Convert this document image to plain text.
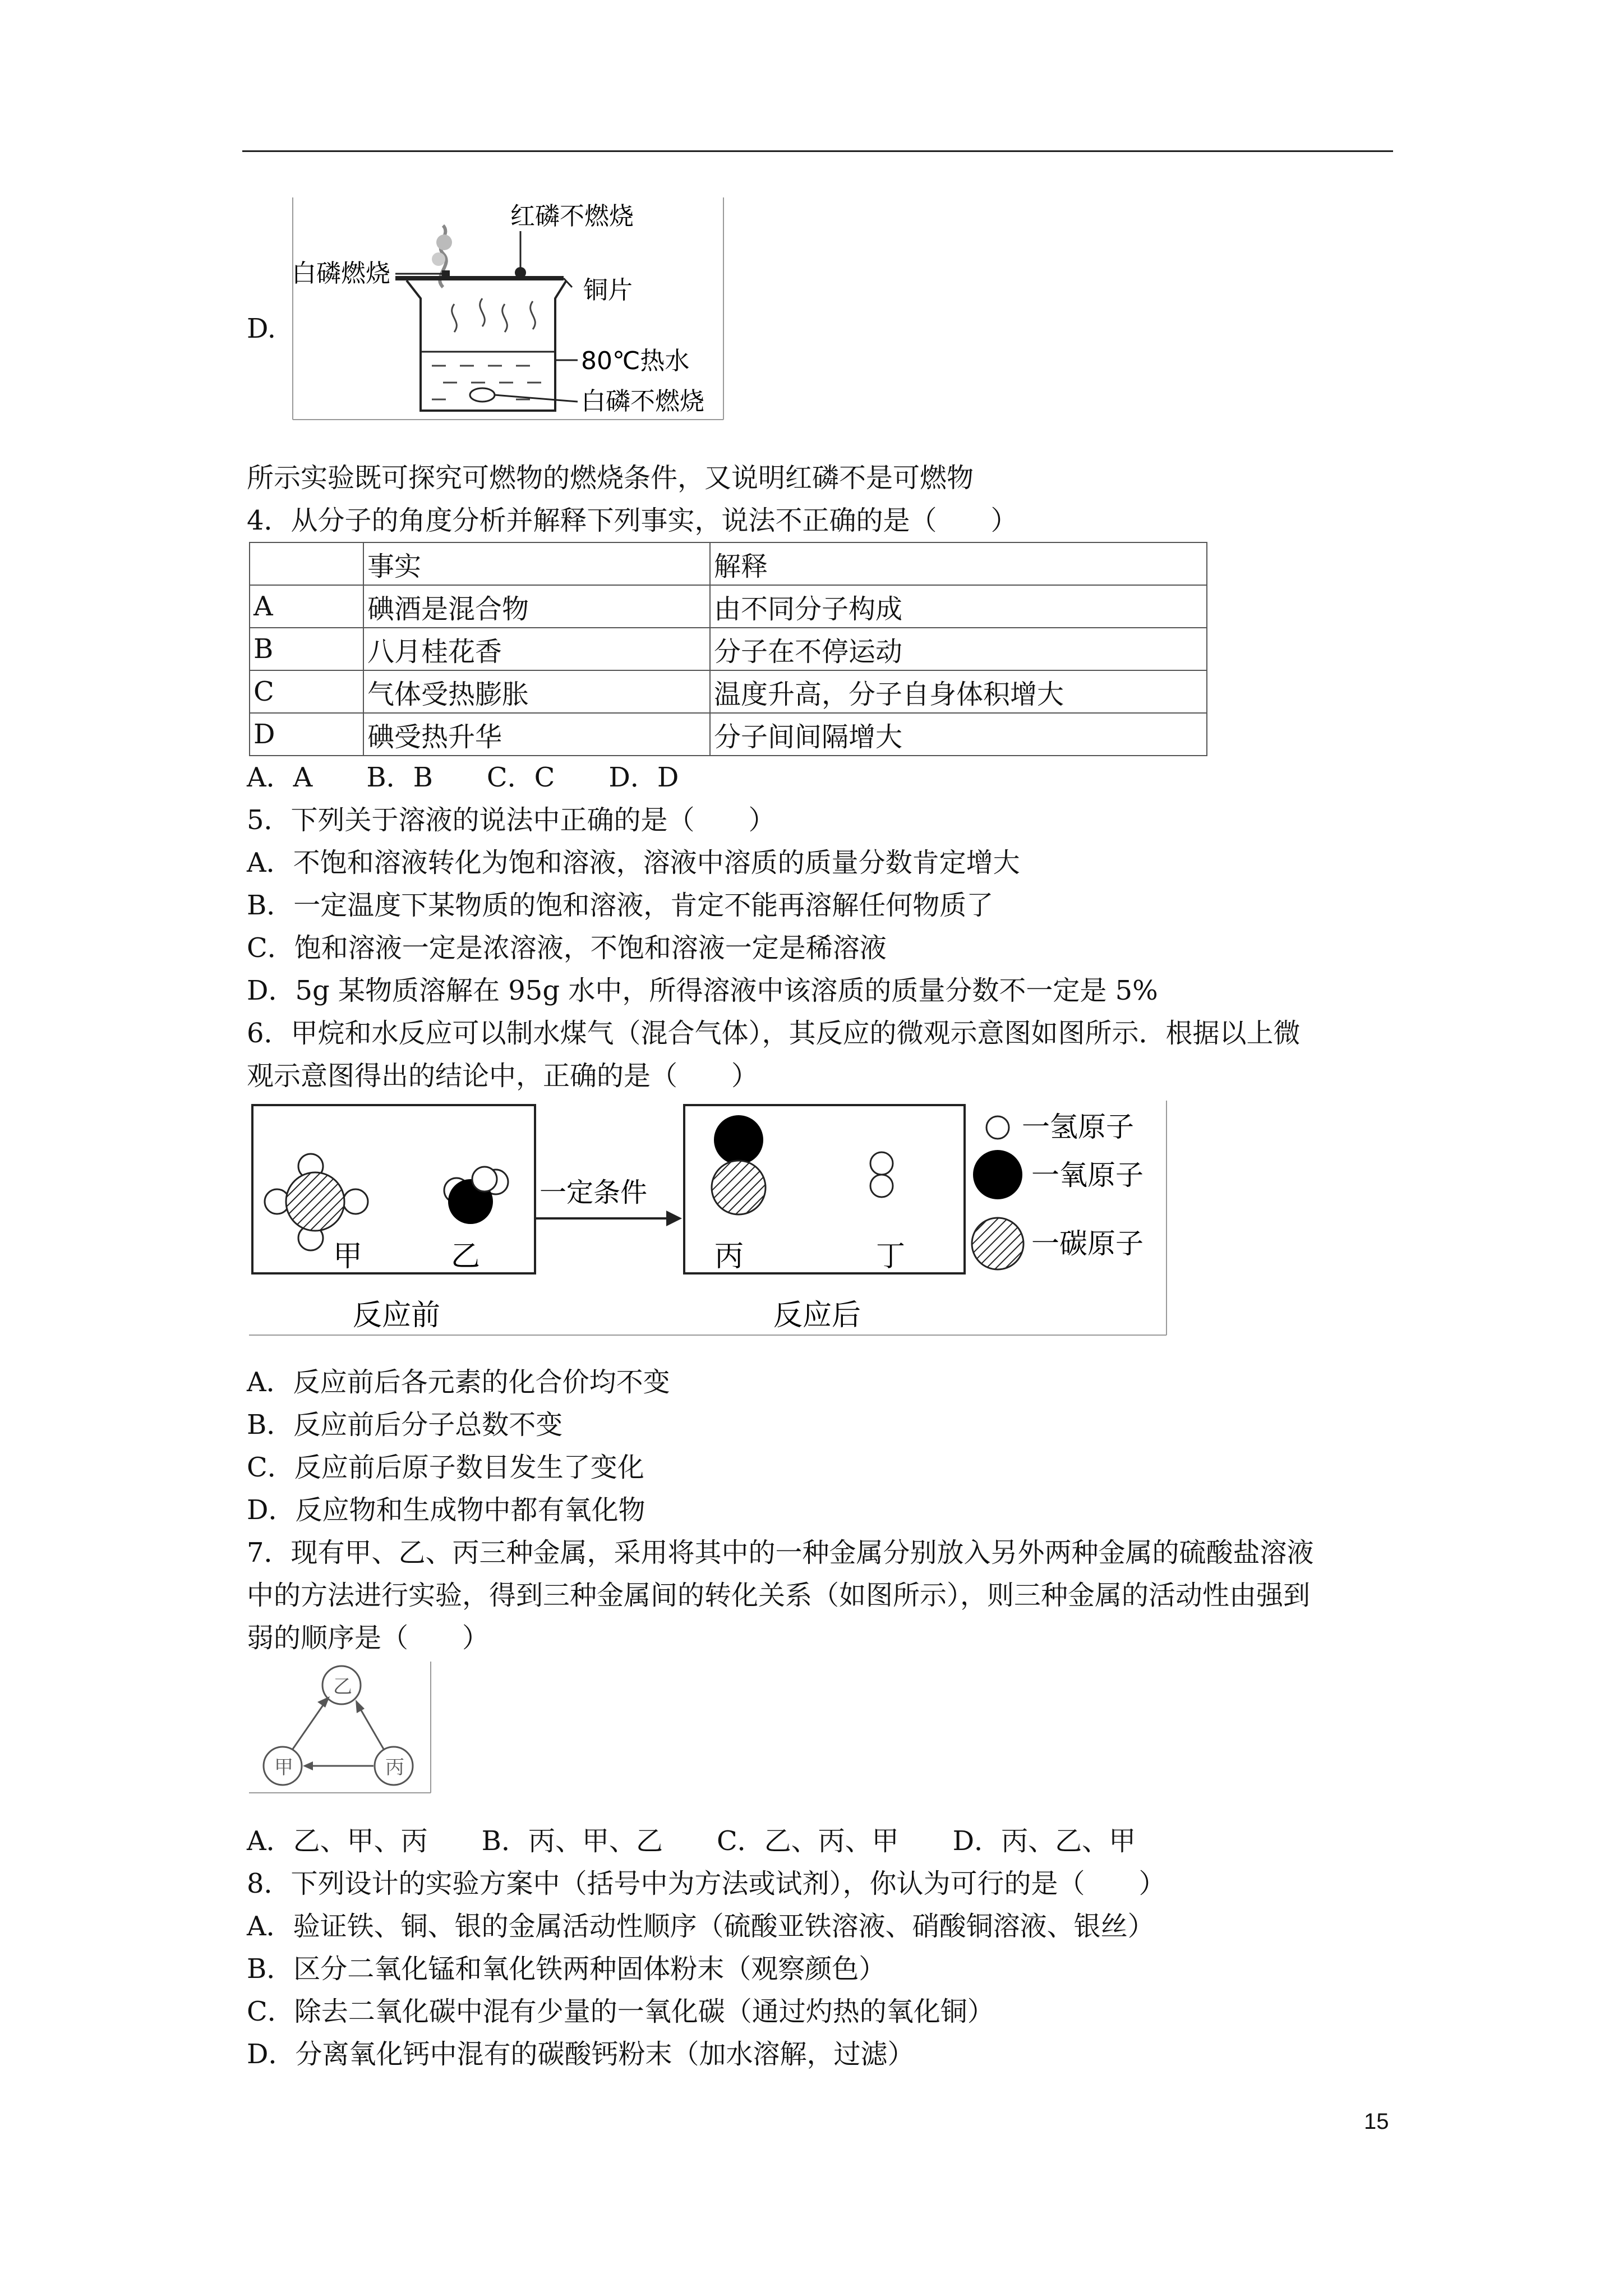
D.
红磷不燃烧
白磷燃烧
铜片
80℃热水
白磷不燃烧
所示实验既可探究可燃物的燃烧条件，又说明红磷不是可燃物
4．从分子的角度分析并解释下列事实，说法不正确的是（　　）
	事实	解释
A	碘酒是混合物	由不同分子构成
B	八月桂花香	分子在不停运动
C	气体受热膨胀	温度升高，分子自身体积增大
D	碘受热升华	分子间间隔增大
A．A　　B．B　　C．C　　D．D
5．下列关于溶液的说法中正确的是（　　）
A．不饱和溶液转化为饱和溶液，溶液中溶质的质量分数肯定增大
B．一定温度下某物质的饱和溶液，肯定不能再溶解任何物质了
C．饱和溶液一定是浓溶液，不饱和溶液一定是稀溶液
D．5g 某物质溶解在 95g 水中，所得溶液中该溶质的质量分数不一定是 5%
6．甲烷和水反应可以制水煤气（混合气体），其反应的微观示意图如图所示．根据以上微
观示意图得出的结论中，正确的是（　　）
甲	乙
一定条件
丙	丁
一氢原子
一氧原子
一碳原子
反应前	反应后
A．反应前后各元素的化合价均不变
B．反应前后分子总数不变
C．反应前后原子数目发生了变化
D．反应物和生成物中都有氧化物
7．现有甲、乙、丙三种金属，采用将其中的一种金属分别放入另外两种金属的硫酸盐溶液
中的方法进行实验，得到三种金属间的转化关系（如图所示），则三种金属的活动性由强到
弱的顺序是（　　）
乙
甲	丙
A．乙、甲、丙　　B．丙、甲、乙　　C．乙、丙、甲　　D．丙、乙、甲
8．下列设计的实验方案中（括号中为方法或试剂），你认为可行的是（　　）
A．验证铁、铜、银的金属活动性顺序（硫酸亚铁溶液、硝酸铜溶液、银丝）
B．区分二氧化锰和氧化铁两种固体粉末（观察颜色）
C．除去二氧化碳中混有少量的一氧化碳（通过灼热的氧化铜）
D．分离氧化钙中混有的碳酸钙粉末（加水溶解，过滤）
15
